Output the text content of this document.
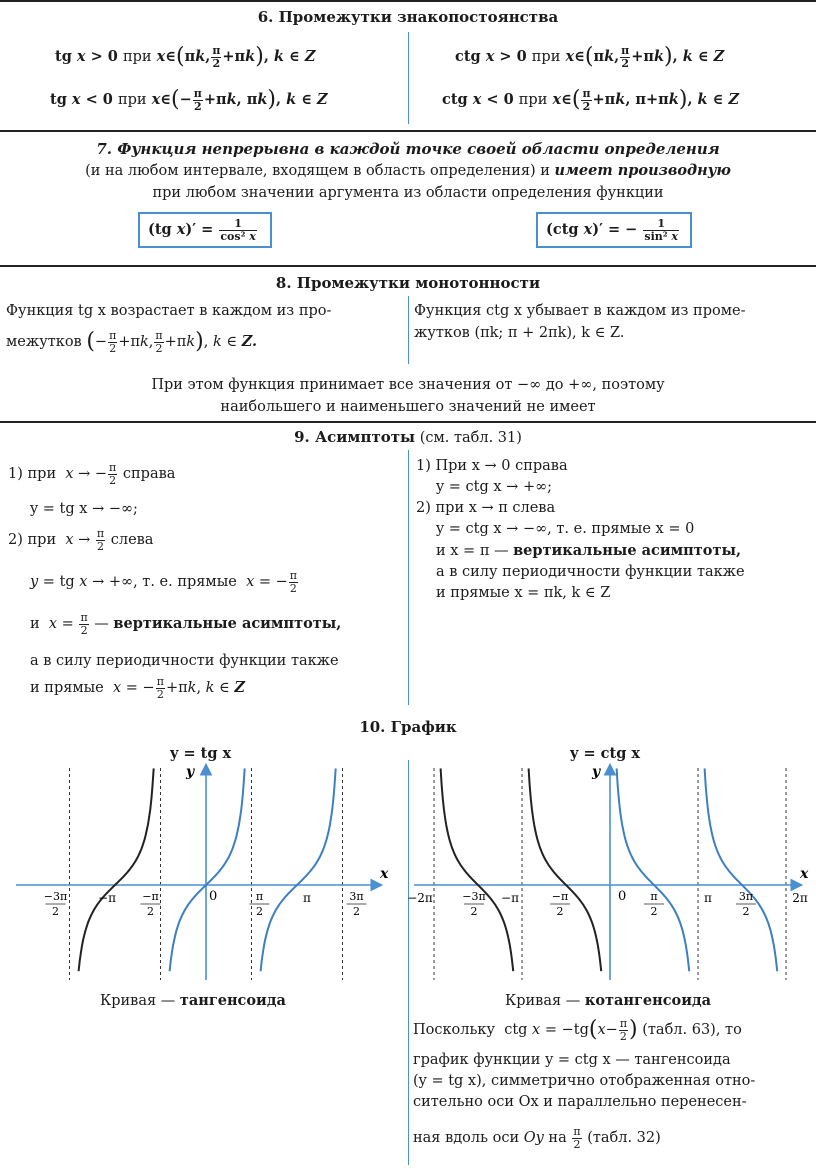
6. Промежутки знакопостоянства
tg x > 0 при x∈(πk, $\frac{\pi}{2} +\pi k$), k ∈ Z
tg x < 0 при x∈(− $\frac{\pi}{2} +\pi k$, πk), k ∈ Z
ctg x > 0 при x∈(πk, $\frac{\pi}{2} +\pi k$), k ∈ Z
ctg x < 0 при x∈( $\frac{\pi}{2} +\pi k$, π+πk), k ∈ Z
7. Функция непрерывна в каждой точке своей области определения
(и на любом интервале, входящем в область определения) и имеет производную
при любом значении аргумента из области определения функции
(tg $x)' = \frac{1}{\text{cos² x}}$	(ctg x)′ = − $\frac{1}{\text{sin² x}}$
8. Промежутки монотонности
Функция tg x возрастает в каждом из про-
межутков (− $\frac{\pi}{2} +\pi k$, $\frac{\pi}{2} +\pi k$), k ∈ Z.
Функция ctg x убывает в каждом из проме-
жутков (πk; π + 2πk), k ∈ Z.
При этом функция принимает все значения от −∞ до +∞, поэтому
наибольшего и наименьшего значений не имеет
9. Асимптоты (см. табл. 31)
1) при  x → − $\frac{\pi}{2}$ справа
y = tg x → −∞;
2) при  $x \to \frac{\pi}{2}$ слева
y = tg x → +∞, т. е. прямые  x = − $\frac{\pi}{2}$
и  $x = \frac{\pi}{2}$ — вертикальные асимптоты,
а в силу периодичности функции также
и прямые  x = − $\frac{\pi}{2} +\pi k$, k ∈ Z
1) При x → 0 справа
y = ctg x → +∞;
2) при x → π слева
y = ctg x → −∞, т. е. прямые x = 0
и x = π — вертикальные асимптоты,
а в силу периодичности функции также
и прямые x = πk, k ∈ Z
10. График
y = tg x	y = ctg x
x
y
0
−3π
2
−π −π
2
π
2
π	3π
2
x
y
0
−2π	−3π
2
−π	−π
2
π
2
π 3π
2
2π
Кривая — тангенсоида	Кривая — котангенсоида
Поскольку  ctg $x = -tg(x- \frac{\pi}{2}$ ) (табл. 63), то
график функции y = ctg x — тангенсоида
(y = tg x), симметрично отображенная отно-
сительно оси Ox и параллельно перенесен-
ная вдоль оси Oy на $\frac{\pi}{2}$ (табл. 32)
